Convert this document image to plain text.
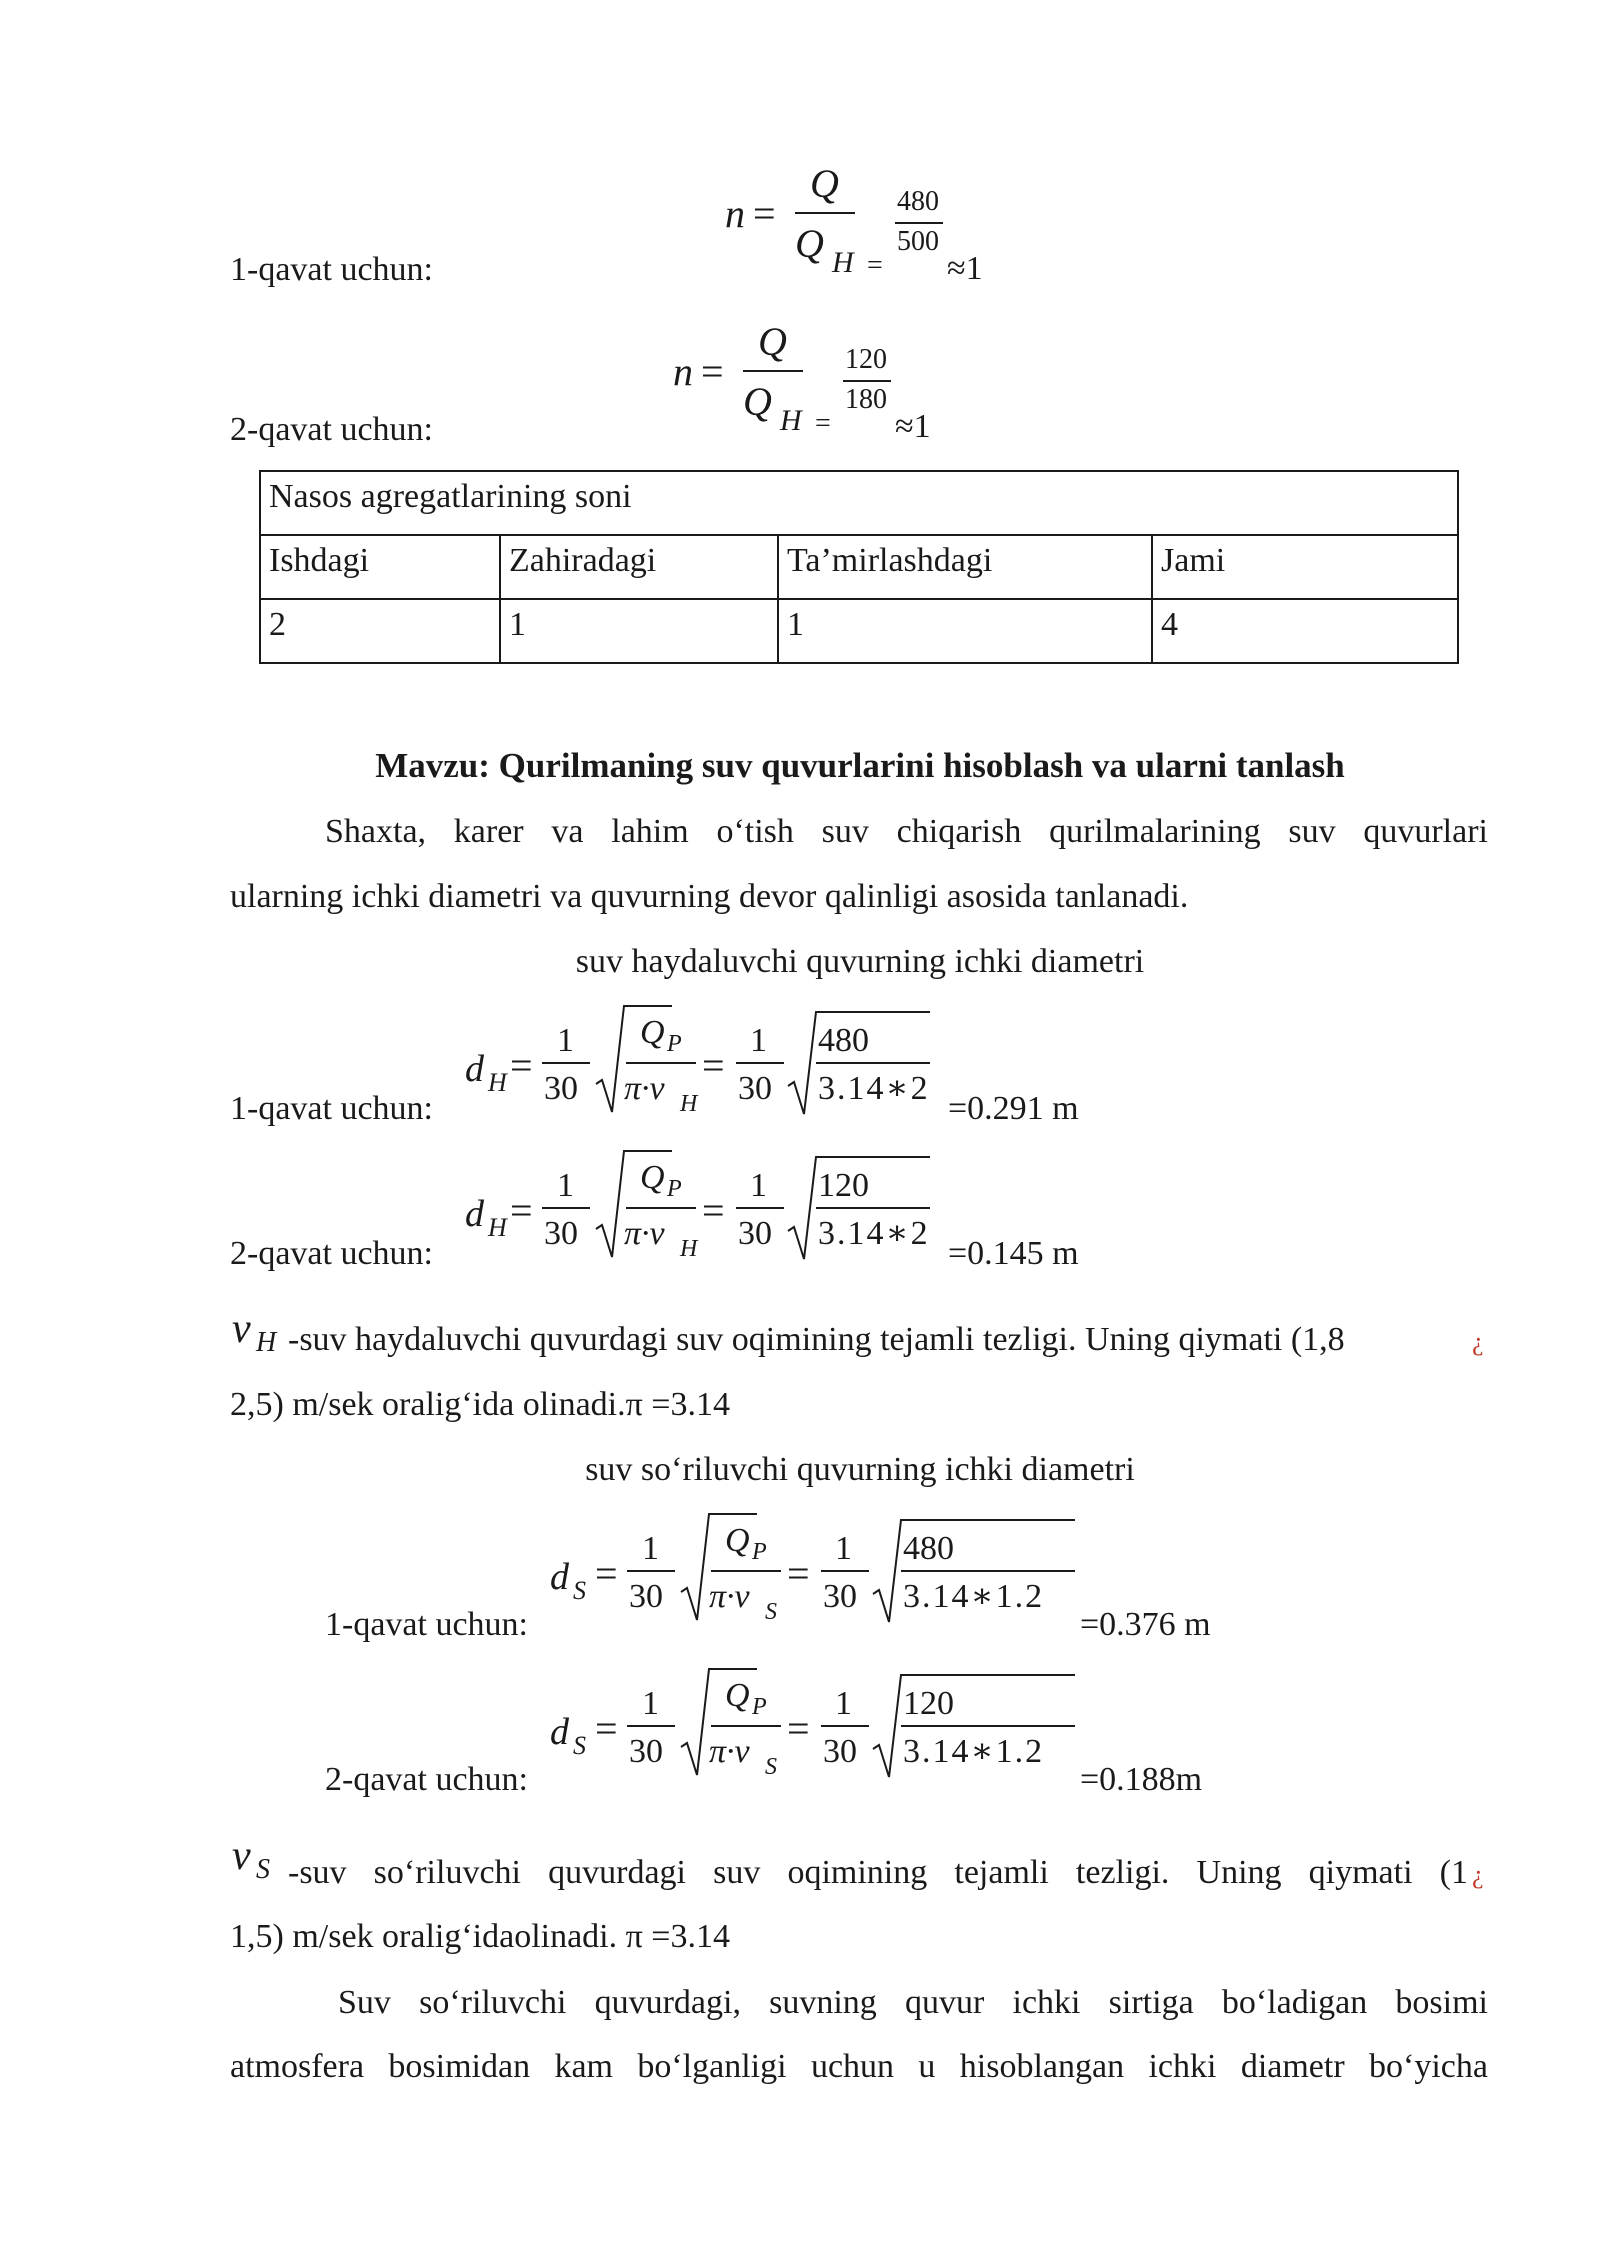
n =
Q
Q H =
480
500
≈1
1-qavat uchun:
n =
Q
Q H =
120
180
≈1
2-qavat uchun:
Nasos agregatlarining soni			
Ishdagi	Zahiradagi	Ta’mirlashdagi	Jami
2	1	1	4
Mavzu: Qurilmaning suv quvurlarini hisoblash va ularni tanlash
Shaxta, karer va lahim o‘tish suv chiqarish qurilmalarining suv quvurlari
ularning ichki diametri va quvurning devor qalinligi asosida tanlanadi.
suv haydaluvchi quvurning ichki diametri
d H =
1
30
Q P
π·v H
=
1
30
480
3.14∗2
1-qavat uchun:	=0.291 m
d H =
1
30
Q P
π·v H
=
1
30
120
3.14∗2
2-qavat uchun:	=0.145 m
v H -suv haydaluvchi quvurdagi suv oqimining tejamli tezligi. Uning qiymati (1,8	¿
2,5) m/sek oralig‘ida olinadi.π =3.14
suv so‘riluvchi quvurning ichki diametri
d S =
1
30
Q P
π·v S
=
1
30
480
3.14∗1.2
1-qavat uchun:	=0.376 m
d S =
1
30
Q P
π·v S
=
1
30
120
3.14∗1.2
2-qavat uchun:	=0.188m
v S -suv so‘riluvchi quvurdagi suv oqimining tejamli tezligi. Uning qiymati (1 ¿
1,5) m/sek oralig‘idaolinadi. π =3.14
Suv so‘riluvchi quvurdagi, suvning quvur ichki sirtiga bo‘ladigan bosimi
atmosfera bosimidan kam bo‘lganligi uchun u hisoblangan ichki diametr bo‘yicha
